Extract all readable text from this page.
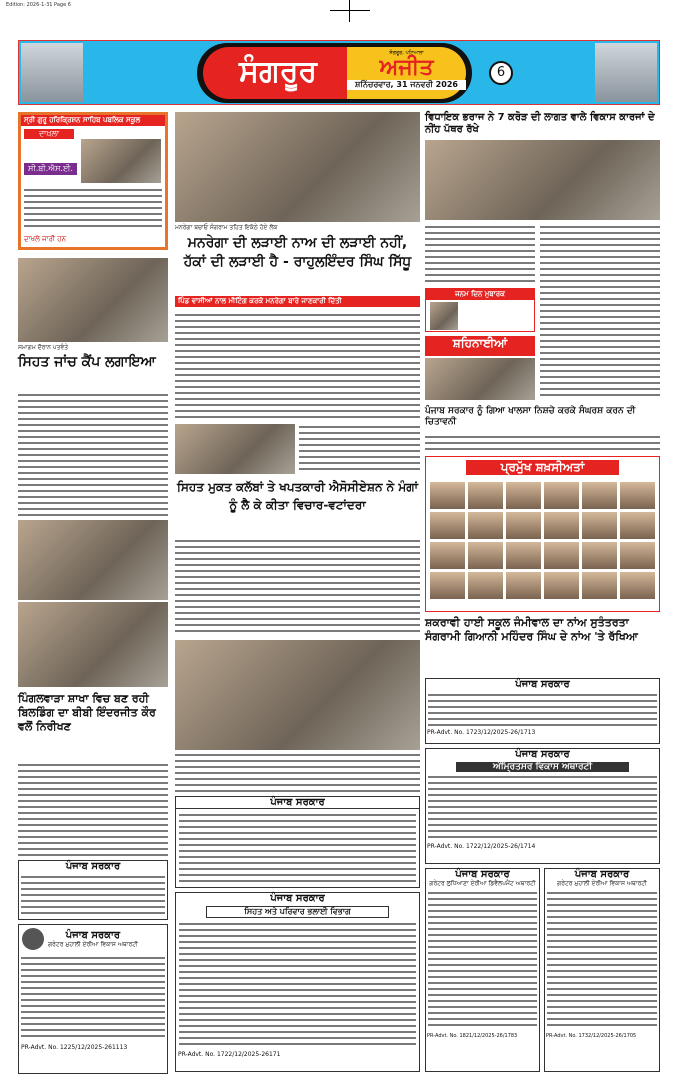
Edition: 2026-1-31 Page 6
ਸੰਗਰੂਰ
ਸੰਗਰੂਰ, ਪਟਿਆਲਾ
ਅਜੀਤ
ਸ਼ਨਿੱਚਰਵਾਰ, 31 ਜਨਵਰੀ 2026
6
ਸ੍ਰੀ ਗੁਰੂ ਹਰਿਕ੍ਰਿਸ਼ਨ ਸਾਹਿਬ ਪਬਲਿਕ ਸਕੂਲ
ਦਾਖ਼ਲਾ
ਸੀ.ਬੀ.ਐਸ.ਈ.
ਦਾਖਲੇ ਜਾਰੀ ਹਨ
ਸਮਾਗਮ ਦੌਰਾਨ ਪਤਵੰਤੇ
ਸਿਹਤ ਜਾਂਚ ਕੈਂਪ ਲਗਾਇਆ
ਪਿੰਗਲਵਾੜਾ ਸ਼ਾਖਾ ਵਿਚ ਬਣ ਰਹੀ ਬਿਲਡਿੰਗ ਦਾ ਬੀਬੀ ਇੰਦਰਜੀਤ ਕੌਰ ਵਲੋਂ ਨਿਰੀਖਣ
ਪੰਜਾਬ ਸਰਕਾਰ
ਪੰਜਾਬ ਸਰਕਾਰ
ਗਰੇਟਰ ਮੁਹਾਲੀ ਏਰੀਆ ਵਿਕਾਸ ਅਥਾਰਟੀ
PR-Advt. No. 1225/12/2025-261113
ਮਨਰੇਗਾ ਬਚਾਓ ਸੰਗਰਾਮ ਤਹਿਤ ਇਕੱਠੇ ਹੋਏ ਲੋਕ
ਮਨਰੇਗਾ ਦੀ ਲੜਾਈ ਨਾਅ ਦੀ ਲੜਾਈ ਨਹੀਂ, ਹੱਕਾਂ ਦੀ ਲੜਾਈ ਹੈ - ਰਾਹੁਲਇੰਦਰ ਸਿੰਘ ਸਿੱਧੂ
ਪਿੰਡ ਵਾਸੀਆਂ ਨਾਲ ਮੀਟਿੰਗ ਕਰਕੇ ਮਨਰੇਗਾ ਬਾਰੇ ਜਾਣਕਾਰੀ ਦਿੱਤੀ
ਸਿਹਤ ਮੁਕਤ ਕਲੱਬਾਂ ਤੇ ਖਪਤਕਾਰੀ ਐਸੋਸੀਏਸ਼ਨ ਨੇ ਮੰਗਾਂ ਨੂੰ ਲੈ ਕੇ ਕੀਤਾ ਵਿਚਾਰ-ਵਟਾਂਦਰਾ
ਪੰਜਾਬ ਸਰਕਾਰ
ਪੰਜਾਬ ਸਰਕਾਰ
ਸਿਹਤ ਅਤੇ ਪਰਿਵਾਰ ਭਲਾਈ ਵਿਭਾਗ
PR-Advt. No. 1722/12/2025-26171
ਵਿਧਾਇਕ ਭਰਾਜ ਨੇ 7 ਕਰੋੜ ਦੀ ਲਾਗਤ ਵਾਲੇ ਵਿਕਾਸ ਕਾਰਜਾਂ ਦੇ ਨੀਂਹ ਪੱਥਰ ਰੱਖੇ
ਜਨਮ ਦਿਨ ਮੁਬਾਰਕ
ਸ਼ਹਿਨਾਈਆਂ
ਪੰਜਾਬ ਸਰਕਾਰ ਨੂੰ ਗਿਆ ਖਾਲਸਾ ਨਿਸ਼ਚੇ ਕਰਕੇ ਸੰਘਰਸ਼ ਕਰਨ ਦੀ ਚਿਤਾਵਨੀ
ਪ੍ਰਮੁੱਖ ਸ਼ਖ਼ਸੀਅਤਾਂ
ਸ਼ਕਰਾਵੀ ਹਾਈ ਸਕੂਲ ਜੰਮੀਵਾਲ ਦਾ ਨਾਂਅ ਸੁਤੰਤਰਤਾ ਸੰਗਰਾਮੀ ਗਿਆਨੀ ਮਹਿੰਦਰ ਸਿੰਘ ਦੇ ਨਾਂਅ 'ਤੇ ਰੱਖਿਆ
ਪੰਜਾਬ ਸਰਕਾਰ
PR-Advt. No. 1723/12/2025-26/1713
ਪੰਜਾਬ ਸਰਕਾਰ
ਅੰਮ੍ਰਿਤਸਰ ਵਿਕਾਸ ਅਥਾਰਟੀ
PR-Advt. No. 1722/12/2025-26/1714
ਪੰਜਾਬ ਸਰਕਾਰ
ਗਰੇਟਰ ਲੁਧਿਆਣਾ ਏਰੀਆ ਡਿਵੈਲਪਮੈਂਟ ਅਥਾਰਟੀ
PR-Advt. No. 1821/12/2025-26/1783
ਪੰਜਾਬ ਸਰਕਾਰ
ਗਰੇਟਰ ਮੁਹਾਲੀ ਏਰੀਆ ਵਿਕਾਸ ਅਥਾਰਟੀ
PR-Advt. No. 1732/12/2025-26/1705
